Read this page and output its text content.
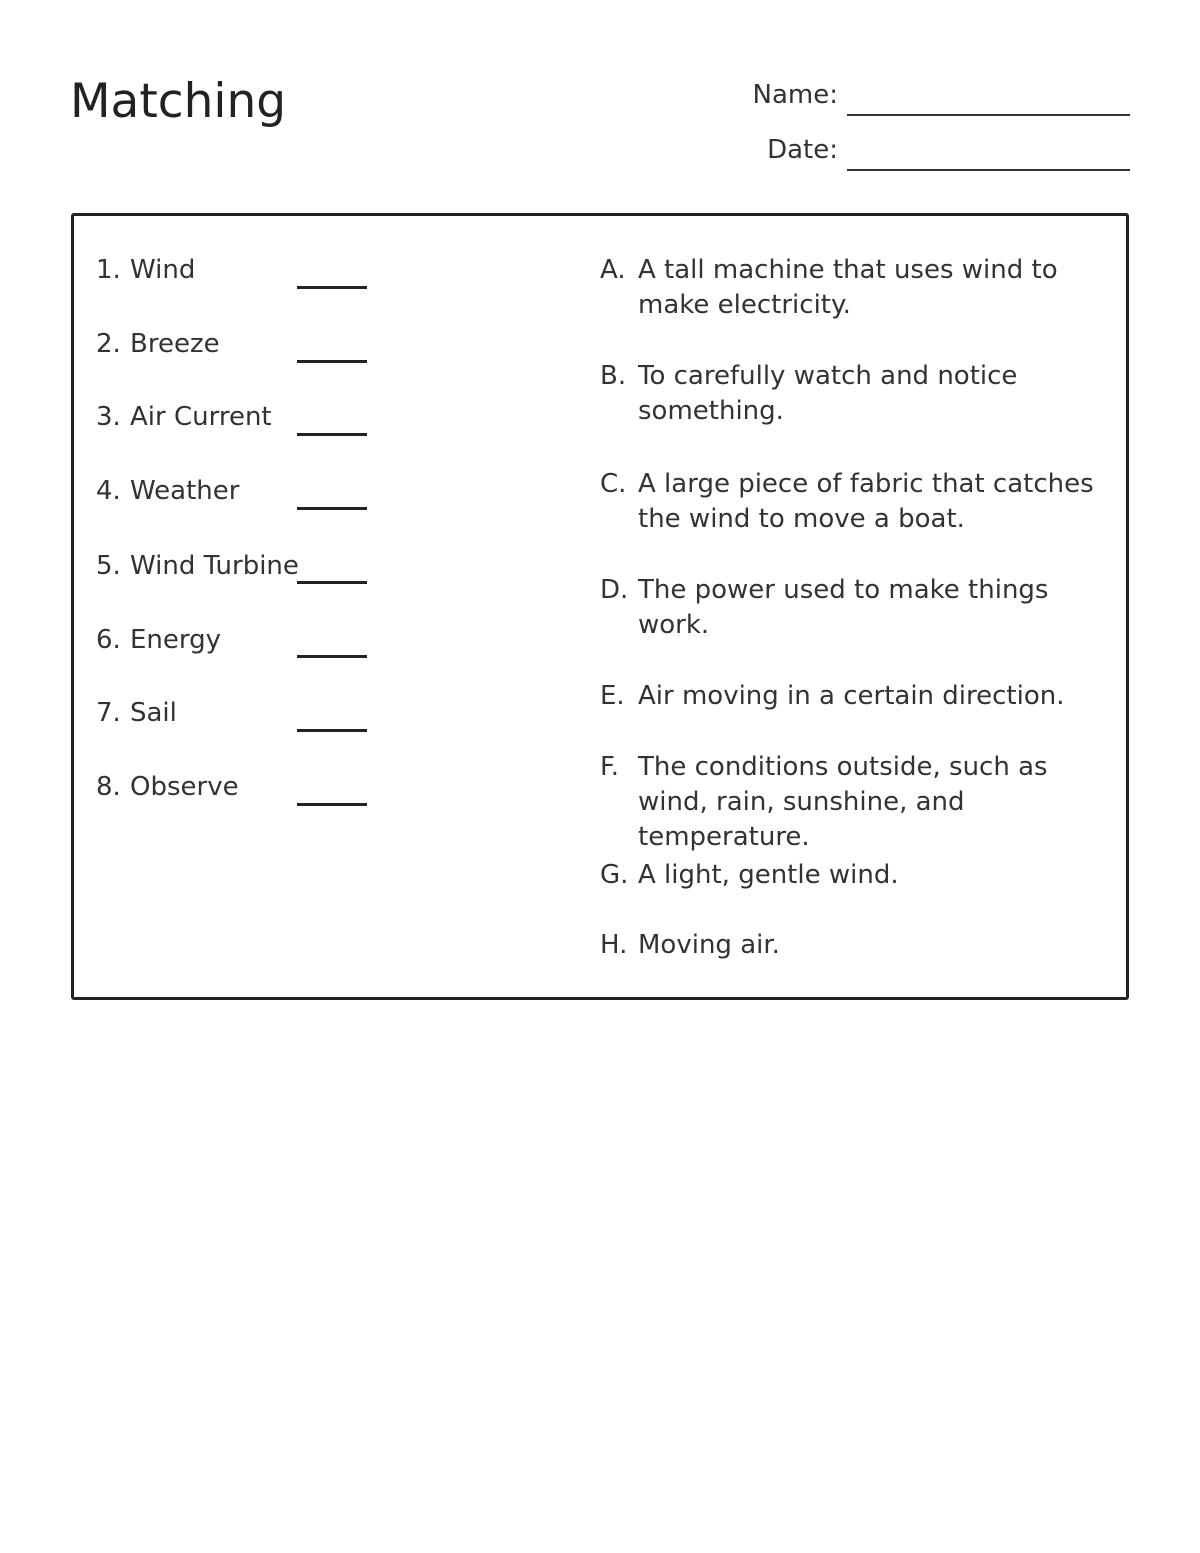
Matching	Name:
Date:
1. Wind
2. Breeze
3. Air Current
4. Weather
5. Wind Turbine
6. Energy
7. Sail
8. Observe
A. A tall machine that uses wind to make electricity.
B. To carefully watch and notice something.
C. A large piece of fabric that catches the wind to move a boat.
D. The power used to make things work.
E. Air moving in a certain direction.
F. The conditions outside, such as wind, rain, sunshine, and temperature.
G. A light, gentle wind.
H. Moving air.
